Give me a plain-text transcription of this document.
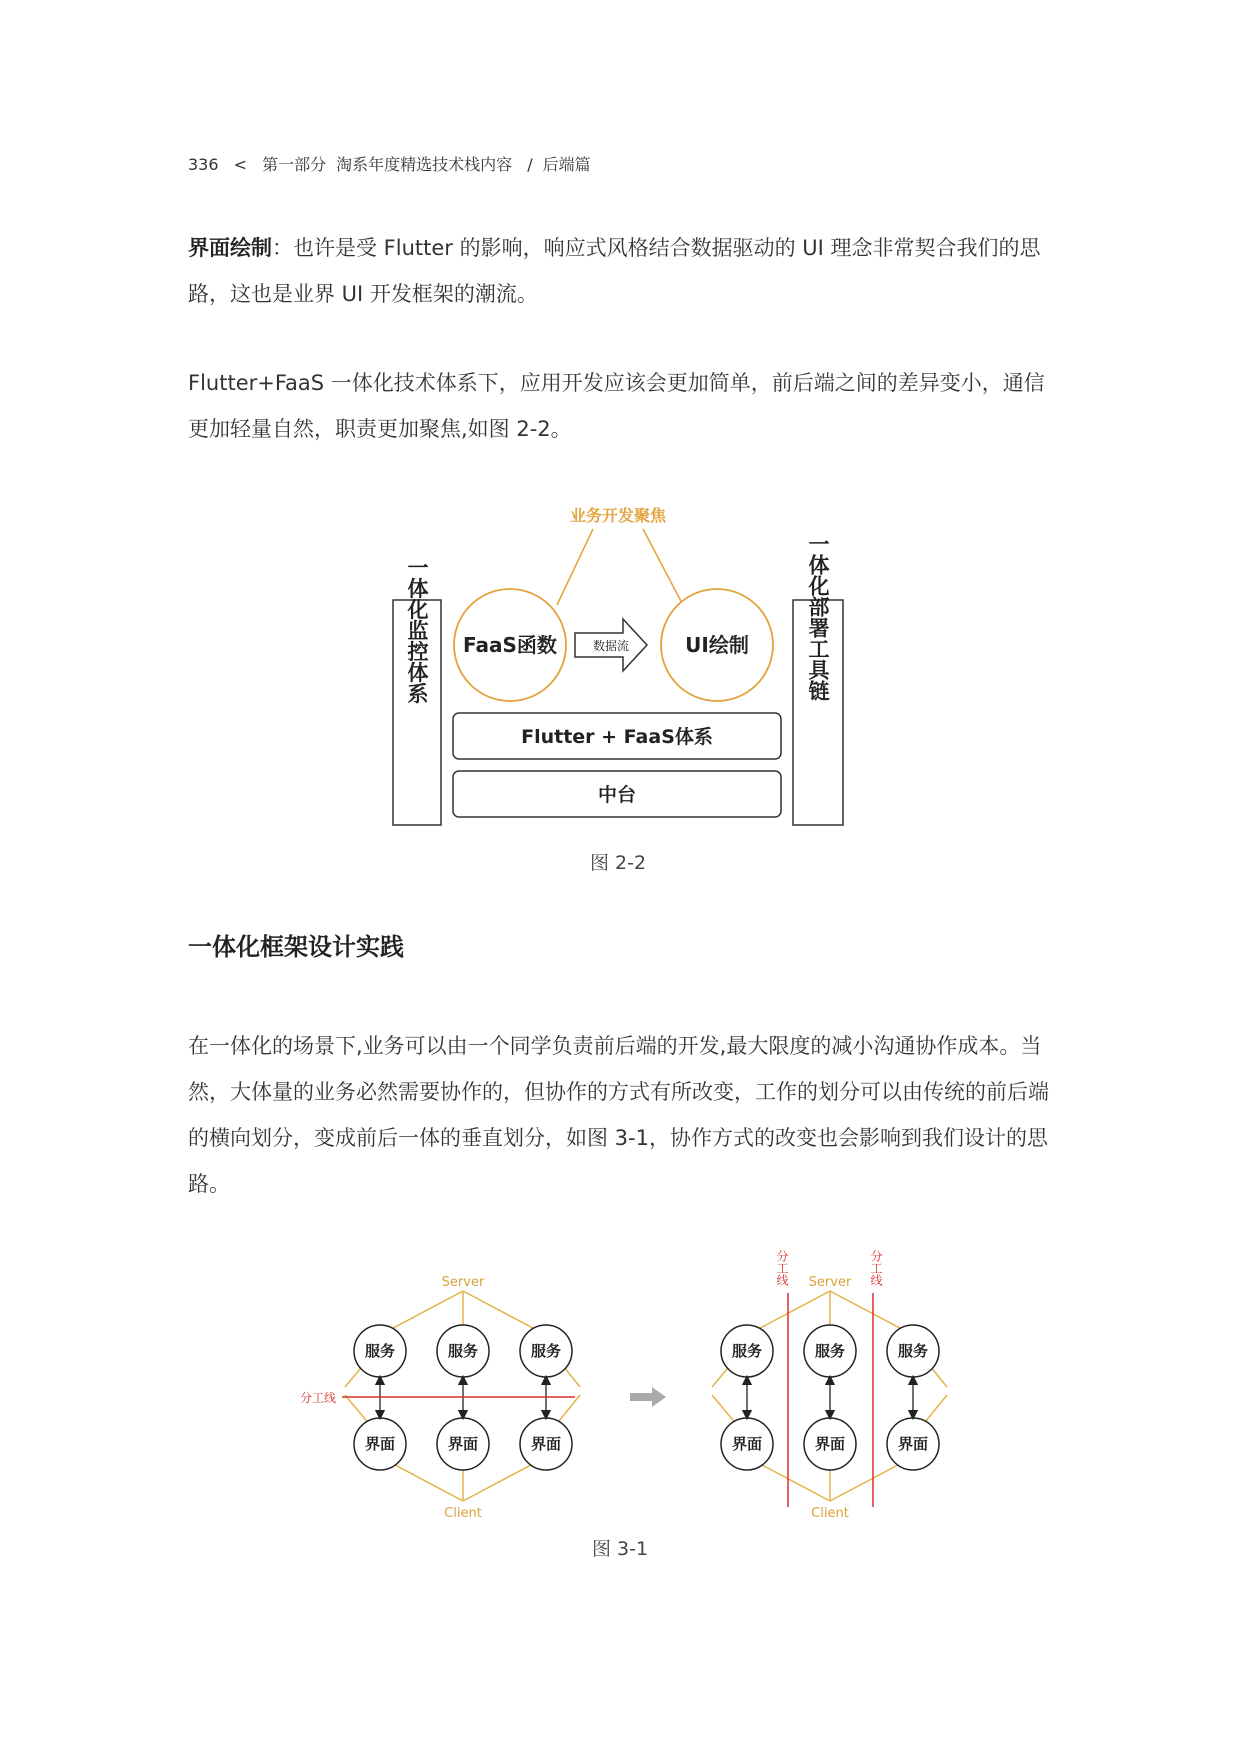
336 < 第一部分 淘系年度精选技术栈内容 / 后端篇
界面绘制：也许是受 Flutter 的影响，响应式风格结合数据驱动的 UI 理念非常契合我们的思路，这也是业界 UI 开发框架的潮流。
Flutter+FaaS 一体化技术体系下，应用开发应该会更加简单，前后端之间的差异变小，通信更加轻量自然，职责更加聚焦,如图 2-2。
业务开发聚焦
一体化监控体系	一体化部署工具链
FaaS函数	UI绘制
数据流
Flutter + FaaS体系
中台
图 2-2
一体化框架设计实践
在一体化的场景下,业务可以由一个同学负责前后端的开发,最大限度的减小沟通协作成本。当然，大体量的业务必然需要协作的，但协作的方式有所改变，工作的划分可以由传统的前后端的横向划分，变成前后一体的垂直划分，如图 3-1，协作方式的改变也会影响到我们设计的思路。
Server
Client
服务	服务	服务
界面	界面	界面
分工线
Server
Client
服务	服务	服务
界面	界面	界面
分工线	分工线
图 3-1
